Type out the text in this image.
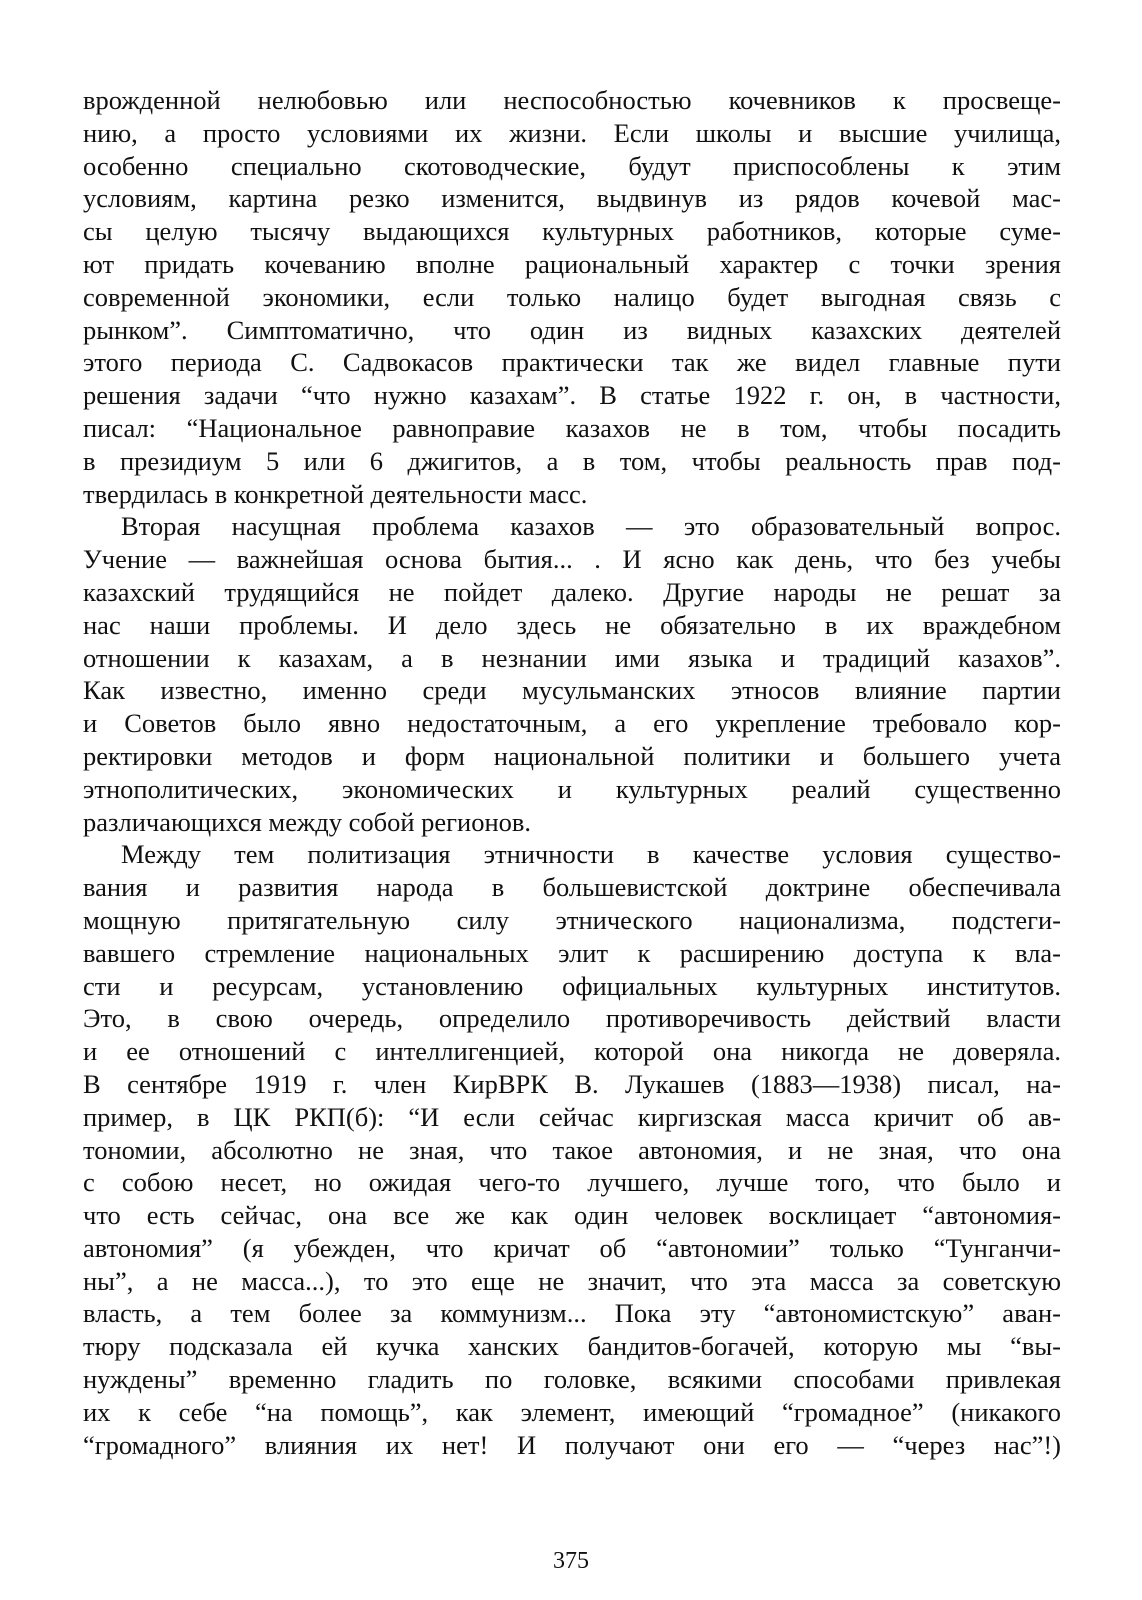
врожденной нелюбовью или неспособностью кочевников к просвеще-
нию, а просто условиями их жизни. Если школы и высшие училища,
особенно специально скотоводческие, будут приспособлены к этим
условиям, картина резко изменится, выдвинув из рядов кочевой мас-
сы целую тысячу выдающихся культурных работников, которые суме-
ют придать кочеванию вполне рациональный характер с точки зрения
современной экономики, если только налицо будет выгодная связь с
рынком”. Симптоматично, что один из видных казахских деятелей
этого периода С. Садвокасов практически так же видел главные пути
решения задачи “что нужно казахам”. В статье 1922 г. он, в частности,
писал: “Национальное равноправие казахов не в том, чтобы посадить
в президиум 5 или 6 джигитов, а в том, чтобы реальность прав под-
твердилась в конкретной деятельности масс.
Вторая насущная проблема казахов — это образовательный вопрос.
Учение — важнейшая основа бытия... . И ясно как день, что без учебы
казахский трудящийся не пойдет далеко. Другие народы не решат за
нас наши проблемы. И дело здесь не обязательно в их враждебном
отношении к казахам, а в незнании ими языка и традиций казахов”.
Как известно, именно среди мусульманских этносов влияние партии
и Советов было явно недостаточным, а его укрепление требовало кор-
ректировки методов и форм национальной политики и большего учета
этнополитических, экономических и культурных реалий существенно
различающихся между собой регионов.
Между тем политизация этничности в качестве условия существо-
вания и развития народа в большевистской доктрине обеспечивала
мощную притягательную силу этнического национализма, подстеги-
вавшего стремление национальных элит к расширению доступа к вла-
сти и ресурсам, установлению официальных культурных институтов.
Это, в свою очередь, определило противоречивость действий власти
и ее отношений с интеллигенцией, которой она никогда не доверяла.
В сентябре 1919 г. член КирВРК В. Лукашев (1883—1938) писал, на-
пример, в ЦК РКП(б): “И если сейчас киргизская масса кричит об ав-
тономии, абсолютно не зная, что такое автономия, и не зная, что она
с собою несет, но ожидая чего-то лучшего, лучше того, что было и
что есть сейчас, она все же как один человек восклицает “автономия-
автономия” (я убежден, что кричат об “автономии” только “Тунганчи-
ны”, а не масса...), то это еще не значит, что эта масса за советскую
власть, а тем более за коммунизм... Пока эту “автономистскую” аван-
тюру подсказала ей кучка ханских бандитов-богачей, которую мы “вы-
нуждены” временно гладить по головке, всякими способами привлекая
их к себе “на помощь”, как элемент, имеющий “громадное” (никакого
“громадного” влияния их нет! И получают они его — “через нас”!)
375
